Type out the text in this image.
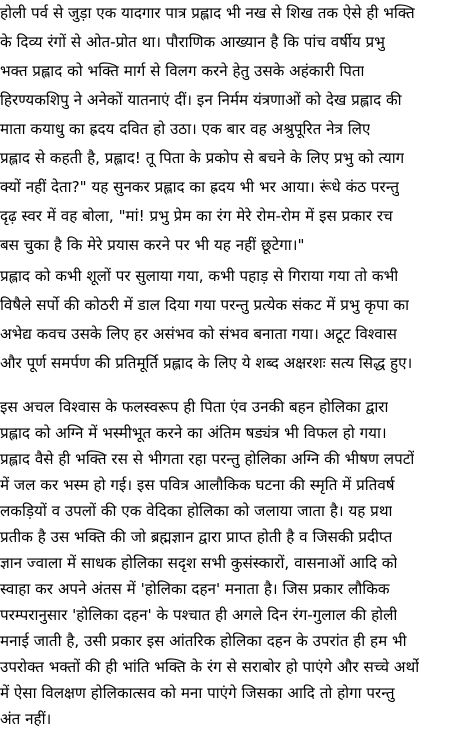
होली पर्व से जुड़ा एक यादगार पात्र प्रह्लाद भी नख से शिख तक ऐसे ही भक्ति
के दिव्य रंगों से ओत-प्रोत था। पौराणिक आख्यान है कि पांच वर्षीय प्रभु
भक्त प्रह्लाद को भक्ति मार्ग से विलग करने हेतु उसके अहंकारी पिता
हिरण्यकशिपु ने अनेकों यातनाएं दीं। इन निर्मम यंत्रणाओं को देख प्रह्लाद की
माता कयाधु का ह्रदय दवित हो उठा। एक बार वह अश्रुपूरित नेत्र लिए
प्रह्लाद से कहती है, प्रह्लाद! तू पिता के प्रकोप से बचने के लिए प्रभु को त्याग
क्यों नहीं देता?" यह सुनकर प्रह्लाद का ह्रदय भी भर आया। रूंधे कंठ परन्तु
दृढ़ स्वर में वह बोला, "मां! प्रभु प्रेम का रंग मेरे रोम-रोम में इस प्रकार रच
बस चुका है कि मेरे प्रयास करने पर भी यह नहीं छूटेगा।"
प्रह्लाद को कभी शूलों पर सुलाया गया, कभी पहाड़ से गिराया गया तो कभी
विषैले सर्पो की कोठरी में डाल दिया गया परन्तु प्रत्येक संकट में प्रभु कृपा का
अभेद्य कवच उसके लिए हर असंभव को संभव बनाता गया। अटूट विश्वास
और पूर्ण समर्पण की प्रतिमूर्ति प्रह्लाद के लिए ये शब्द अक्षरशः सत्य सिद्ध हुए।
इस अचल विश्वास के फलस्वरूप ही पिता एंव उनकी बहन होलिका द्वारा
प्रह्लाद को अग्नि में भस्मीभूत करने का अंतिम षड्यंत्र भी विफल हो गया।
प्रह्लाद वैसे ही भक्ति रस से भीगता रहा परन्तु होलिका अग्नि की भीषण लपटों
में जल कर भस्म हो गई। इस पवित्र आलौकिक घटना की स्मृति में प्रतिवर्ष
लकड़ियों व उपलों की एक वेदिका होलिका को जलाया जाता है। यह प्रथा
प्रतीक है उस भक्ति की जो ब्रह्मज्ञान द्वारा प्राप्त होती है व जिसकी प्रदीप्त
ज्ञान ज्वाला में साधक होलिका सदृश सभी कुसंस्कारों, वासनाओं आदि को
स्वाहा कर अपने अंतस में 'होलिका दहन' मनाता है। जिस प्रकार लौकिक
परम्परानुसार 'होलिका दहन' के पश्चात ही अगले दिन रंग-गुलाल की होली
मनाई जाती है, उसी प्रकार इस आंतरिक होलिका दहन के उपरांत ही हम भी
उपरोक्त भक्तों की ही भांति भक्ति के रंग से सराबोर हो पाएंगे और सच्चे अर्थो
में ऐसा विलक्षण होलिकात्सव को मना पाएंगे जिसका आदि तो होगा परन्तु
अंत नहीं।
